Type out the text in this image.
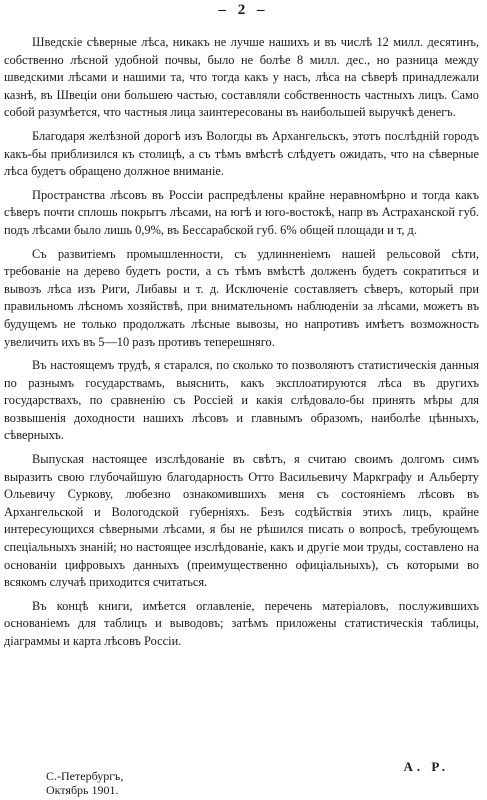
– 2 –

Шведскіе сѣверные лѣса, никакъ не лучше нашихъ и въ числѣ 12 милл. десятинъ, собственно лѣсной удобной почвы, было не болѣе 8 милл. дес., но разница между шведскими лѣсами и нашими та, что тогда какъ у насъ, лѣса на сѣверѣ принадлежали казнѣ, въ Швеціи они большею частью, составляли собственность частныхъ лицъ. Само собой разумѣется, что частныя лица заинтересованы въ наибольшей выручкѣ денегъ.

Благодаря желѣзной дорогѣ изъ Вологды въ Архангельскъ, этотъ послѣдній городъ какъ-бы приблизился къ столицѣ, а съ тѣмъ вмѣстѣ слѣдуетъ ожидать, что на сѣверные лѣса будетъ обращено должное вниманіе.

Пространства лѣсовъ въ Россіи распредѣлены крайне неравномѣрно и тогда какъ сѣверъ почти сплошь покрытъ лѣсами, на югѣ и юго-востокѣ, напр въ Астраханской губ. подъ лѣсами было лишь 0,9%, въ Бессарабской губ. 6% общей площади и т, д.

Съ развитіемъ промышленности, съ удлинненіемъ нашей рельсовой сѣти, требованіе на дерево будетъ рости, а съ тѣмъ вмѣстѣ долженъ будетъ сократиться и вывозъ лѣса изъ Риги, Либавы и т. д. Исключеніе составляетъ сѣверъ, который при правильномъ лѣсномъ хозяйствѣ, при внимательномъ наблюденіи за лѣсами, можетъ въ будущемъ не только продолжать лѣсные вывозы, но напротивъ имѣетъ возможность увеличить ихъ въ 5—10 разъ противъ теперешняго.

Въ настоящемъ трудѣ, я старался, по сколько то позволяютъ статистическія данныя по разнымъ государствамъ, выяснить, какъ эксплоатируются лѣса въ другихъ государствахъ, по сравненію съ Россіей и какія слѣдовало-бы принять мѣры для возвышенія доходности нашихъ лѣсовъ и главнымъ образомъ, наиболѣе цѣнныхъ, сѣверныхъ.

Выпуская настоящее изслѣдованіе въ свѣтъ, я считаю своимъ долгомъ симъ выразить свою глубочайшую благодарность Отто Васильевичу Маркграфу и Альберту Ольевичу Суркову, любезно ознакомившихъ меня съ состояніемъ лѣсовъ въ Архангельской и Вологодской губерніяхъ. Безъ содѣйствія этихъ лицъ, крайне интересующихся сѣверными лѣсами, я бы не рѣшился писать о вопросѣ, требующемъ спеціальныхъ знаній; но настоящее изслѣдованіе, какъ и другіе мои труды, составлено на основаніи цифровыхъ данныхъ (преимущественно офиціальныхъ), съ которыми во всякомъ случаѣ приходится считаться.

Въ концѣ книги, имѣется оглавленіе, перечень матеріаловъ, послужившихъ основаніемъ для таблицъ и выводовъ; затѣмъ приложены статистическія таблицы, діаграммы и карта лѣсовъ Россіи.

А. Р.
С.-Петербургъ,
Октябрь 1901.
